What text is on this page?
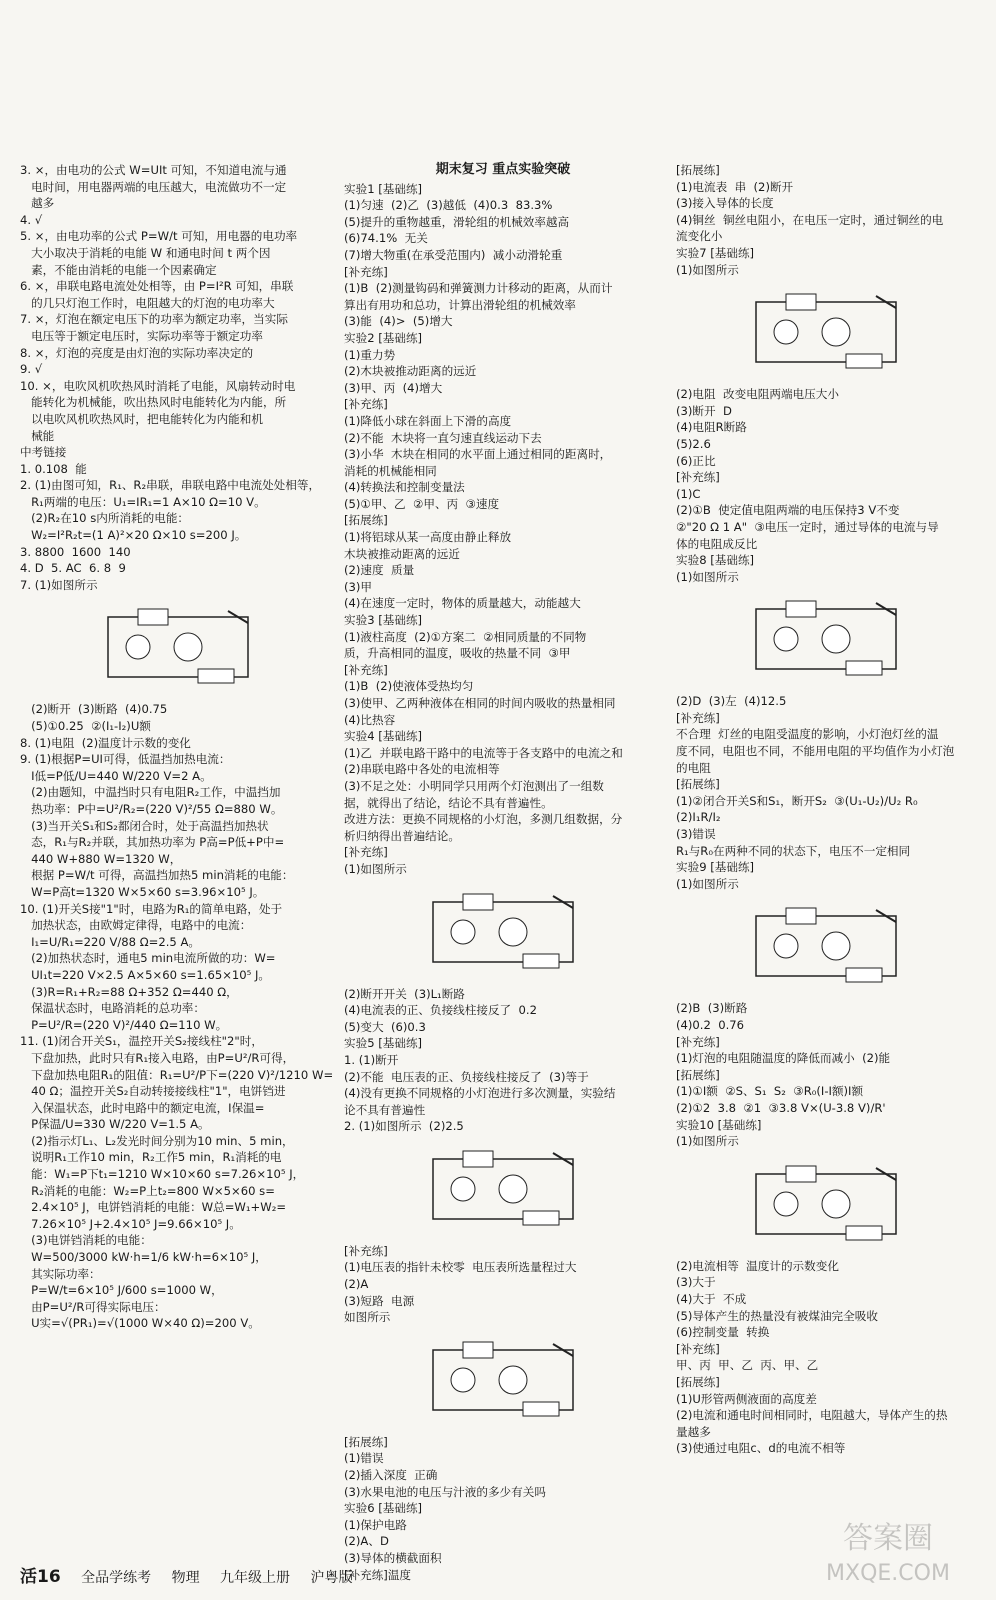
3. ×，由电功的公式 W=UIt 可知，不知道电流与通
电时间，用电器两端的电压越大，电流做功不一定
越多
4. √
5. ×，由电功率的公式 P=W/t 可知，用电器的电功率
大小取决于消耗的电能 W 和通电时间 t 两个因
素，不能由消耗的电能一个因素确定
6. ×，串联电路电流处处相等，由 P=I²R 可知，串联
的几只灯泡工作时，电阻越大的灯泡的电功率大
7. ×，灯泡在额定电压下的功率为额定功率，当实际
电压等于额定电压时，实际功率等于额定功率
8. ×，灯泡的亮度是由灯泡的实际功率决定的
9. √
10. ×，电吹风机吹热风时消耗了电能，风扇转动时电
能转化为机械能，吹出热风时电能转化为内能，所
以电吹风机吹热风时，把电能转化为内能和机
械能
中考链接
1. 0.108  能
2. (1)由图可知，R₁、R₂串联，串联电路中电流处处相等，
R₁两端的电压：U₁=IR₁=1 A×10 Ω=10 V。
(2)R₂在10 s内所消耗的电能：
W₂=I²R₂t=(1 A)²×20 Ω×10 s=200 J。
3. 8800  1600  140
4. D  5. AC  6. 8  9
7. (1)如图所示
(2)断开  (3)断路  (4)0.75
(5)①0.25  ②(I₁-I₂)U额
8. (1)电阻  (2)温度计示数的变化
9. (1)根据P=UI可得，低温挡加热电流：
I低=P低/U=440 W/220 V=2 A。
(2)由题知，中温挡时只有电阻R₂工作，中温挡加
热功率：P中=U²/R₂=(220 V)²/55 Ω=880 W。
(3)当开关S₁和S₂都闭合时，处于高温挡加热状
态，R₁与R₂并联，其加热功率为 P高=P低+P中=
440 W+880 W=1320 W，
根据 P=W/t 可得，高温挡加热5 min消耗的电能：
W=P高t=1320 W×5×60 s=3.96×10⁵ J。
10. (1)开关S接"1"时，电路为R₁的简单电路，处于
加热状态，由欧姆定律得，电路中的电流：
I₁=U/R₁=220 V/88 Ω=2.5 A。
(2)加热状态时，通电5 min电流所做的功：W=
UI₁t=220 V×2.5 A×5×60 s=1.65×10⁵ J。
(3)R=R₁+R₂=88 Ω+352 Ω=440 Ω，
保温状态时，电路消耗的总功率：
P=U²/R=(220 V)²/440 Ω=110 W。
11. (1)闭合开关S₁，温控开关S₂接线柱"2"时，
下盘加热，此时只有R₁接入电路，由P=U²/R可得，
下盘加热电阻R₁的阻值：R₁=U²/P下=(220 V)²/1210 W=
40 Ω；温控开关S₂自动转接接线柱"1"，电饼铛进
入保温状态，此时电路中的额定电流，I保温=
P保温/U=330 W/220 V=1.5 A。
(2)指示灯L₁、L₂发光时间分别为10 min、5 min，
说明R₁工作10 min，R₂工作5 min，R₁消耗的电
能：W₁=P下t₁=1210 W×10×60 s=7.26×10⁵ J，
R₂消耗的电能：W₂=P上t₂=800 W×5×60 s=
2.4×10⁵ J，电饼铛消耗的电能：W总=W₁+W₂=
7.26×10⁵ J+2.4×10⁵ J=9.66×10⁵ J。
(3)电饼铛消耗的电能：
W=500/3000 kW·h=1/6 kW·h=6×10⁵ J，
其实际功率：
P=W/t=6×10⁵ J/600 s=1000 W，
由P=U²/R可得实际电压：
U实=√(PR₁)=√(1000 W×40 Ω)=200 V。
期末复习 重点实验突破
实验1 [基础练]
(1)匀速  (2)乙  (3)越低  (4)0.3  83.3%
(5)提升的重物越重，滑轮组的机械效率越高
(6)74.1%  无关
(7)增大物重(在承受范围内)  减小动滑轮重
[补充练]
(1)B  (2)测量钩码和弹簧测力计移动的距离，从而计
算出有用功和总功，计算出滑轮组的机械效率
(3)能  (4)>  (5)增大
实验2 [基础练]
(1)重力势
(2)木块被推动距离的远近
(3)甲、丙  (4)增大
[补充练]
(1)降低小球在斜面上下滑的高度
(2)不能  木块将一直匀速直线运动下去
(3)小华  木块在相同的水平面上通过相同的距离时，
消耗的机械能相同
(4)转换法和控制变量法
(5)①甲、乙  ②甲、丙  ③速度
[拓展练]
(1)将铝球从某一高度由静止释放
木块被推动距离的远近
(2)速度  质量
(3)甲
(4)在速度一定时，物体的质量越大，动能越大
实验3 [基础练]
(1)液柱高度  (2)①方案二  ②相同质量的不同物
质，升高相同的温度，吸收的热量不同  ③甲
[补充练]
(1)B  (2)使液体受热均匀
(3)使甲、乙两种液体在相同的时间内吸收的热量相同
(4)比热容
实验4 [基础练]
(1)乙  并联电路干路中的电流等于各支路中的电流之和
(2)串联电路中各处的电流相等
(3)不足之处：小明同学只用两个灯泡测出了一组数
据，就得出了结论，结论不具有普遍性。
改进方法：更换不同规格的小灯泡，多测几组数据，分
析归纳得出普遍结论。
[补充练]
(1)如图所示
(2)断开开关  (3)L₁断路
(4)电流表的正、负接线柱接反了  0.2
(5)变大  (6)0.3
实验5 [基础练]
1. (1)断开
(2)不能  电压表的正、负接线柱接反了  (3)等于
(4)没有更换不同规格的小灯泡进行多次测量，实验结
论不具有普遍性
2. (1)如图所示  (2)2.5
[补充练]
(1)电压表的指针未校零  电压表所选量程过大
(2)A
(3)短路  电源
如图所示
[拓展练]
(1)错误
(2)插入深度  正确
(3)水果电池的电压与汁液的多少有关吗
实验6 [基础练]
(1)保护电路
(2)A、D
(3)导体的横截面积
[补充练]温度
[拓展练]
(1)电流表  串  (2)断开
(3)接入导体的长度
(4)铜丝  铜丝电阻小，在电压一定时，通过铜丝的电
流变化小
实验7 [基础练]
(1)如图所示
(2)电阻  改变电阻两端电压大小
(3)断开  D
(4)电阻R断路
(5)2.6
(6)正比
[补充练]
(1)C
(2)①B  使定值电阻两端的电压保持3 V不变
②"20 Ω 1 A"  ③电压一定时，通过导体的电流与导
体的电阻成反比
实验8 [基础练]
(1)如图所示
(2)D  (3)左  (4)12.5
[补充练]
不合理  灯丝的电阻受温度的影响，小灯泡灯丝的温
度不同，电阻也不同，不能用电阻的平均值作为小灯泡
的电阻
[拓展练]
(1)②闭合开关S和S₁，断开S₂  ③(U₁-U₂)/U₂ R₀
(2)I₁R/I₂
(3)错误
R₁与R₀在两种不同的状态下，电压不一定相同
实验9 [基础练]
(1)如图所示
(2)B  (3)断路
(4)0.2  0.76
[补充练]
(1)灯泡的电阻随温度的降低而减小  (2)能
[拓展练]
(1)①I额  ②S、S₁  S₂  ③R₀(I-I额)I额
(2)①2  3.8  ②1  ③3.8 V×(U-3.8 V)/R'
实验10 [基础练]
(1)如图所示
(2)电流相等  温度计的示数变化
(3)大于
(4)大于  不成
(5)导体产生的热量没有被煤油完全吸收
(6)控制变量  转换
[补充练]
甲、丙  甲、乙  丙、甲、乙
[拓展练]
(1)U形管两侧液面的高度差
(2)电流和通电时间相同时，电阻越大，导体产生的热
量越多
(3)使通过电阻c、d的电流不相等
活16 全品学练考 物理 九年级上册 沪粤版
答案圈
MXQE.COM
